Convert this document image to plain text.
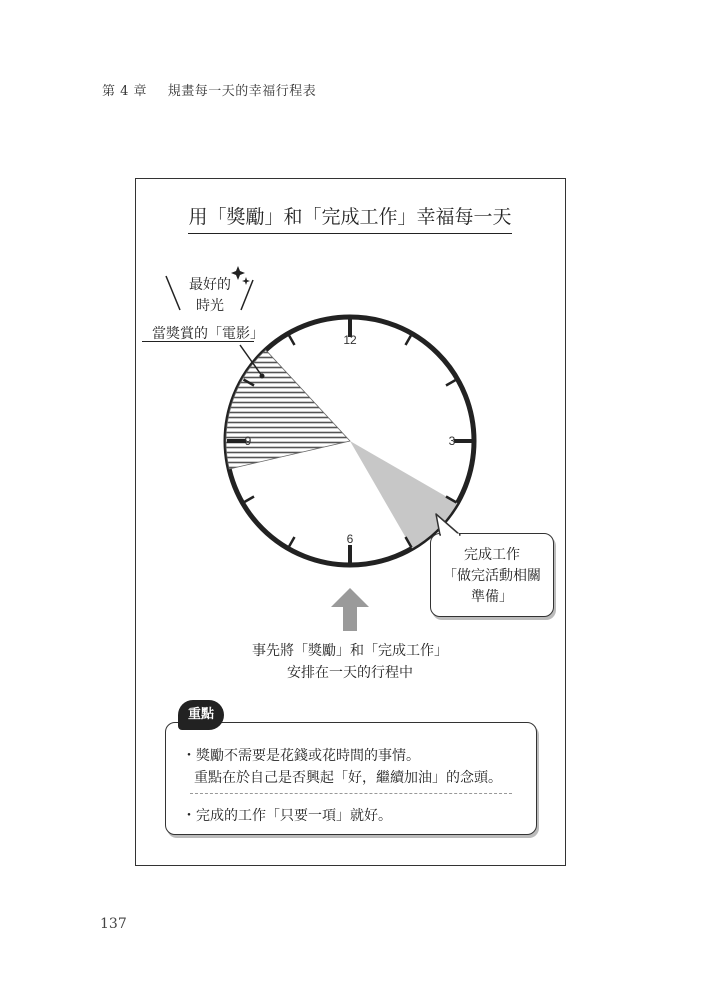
第 4 章 規畫每一天的幸福行程表
用「獎勵」和「完成工作」幸福每一天
12
3
6
9
最好的
時光
當獎賞的「電影」
完成工作
「做完活動相關
準備」
事先將「獎勵」和「完成工作」
安排在一天的行程中
重點
・獎勵不需要是花錢或花時間的事情。
重點在於自己是否興起「好，繼續加油」的念頭。
・完成的工作「只要一項」就好。
137
